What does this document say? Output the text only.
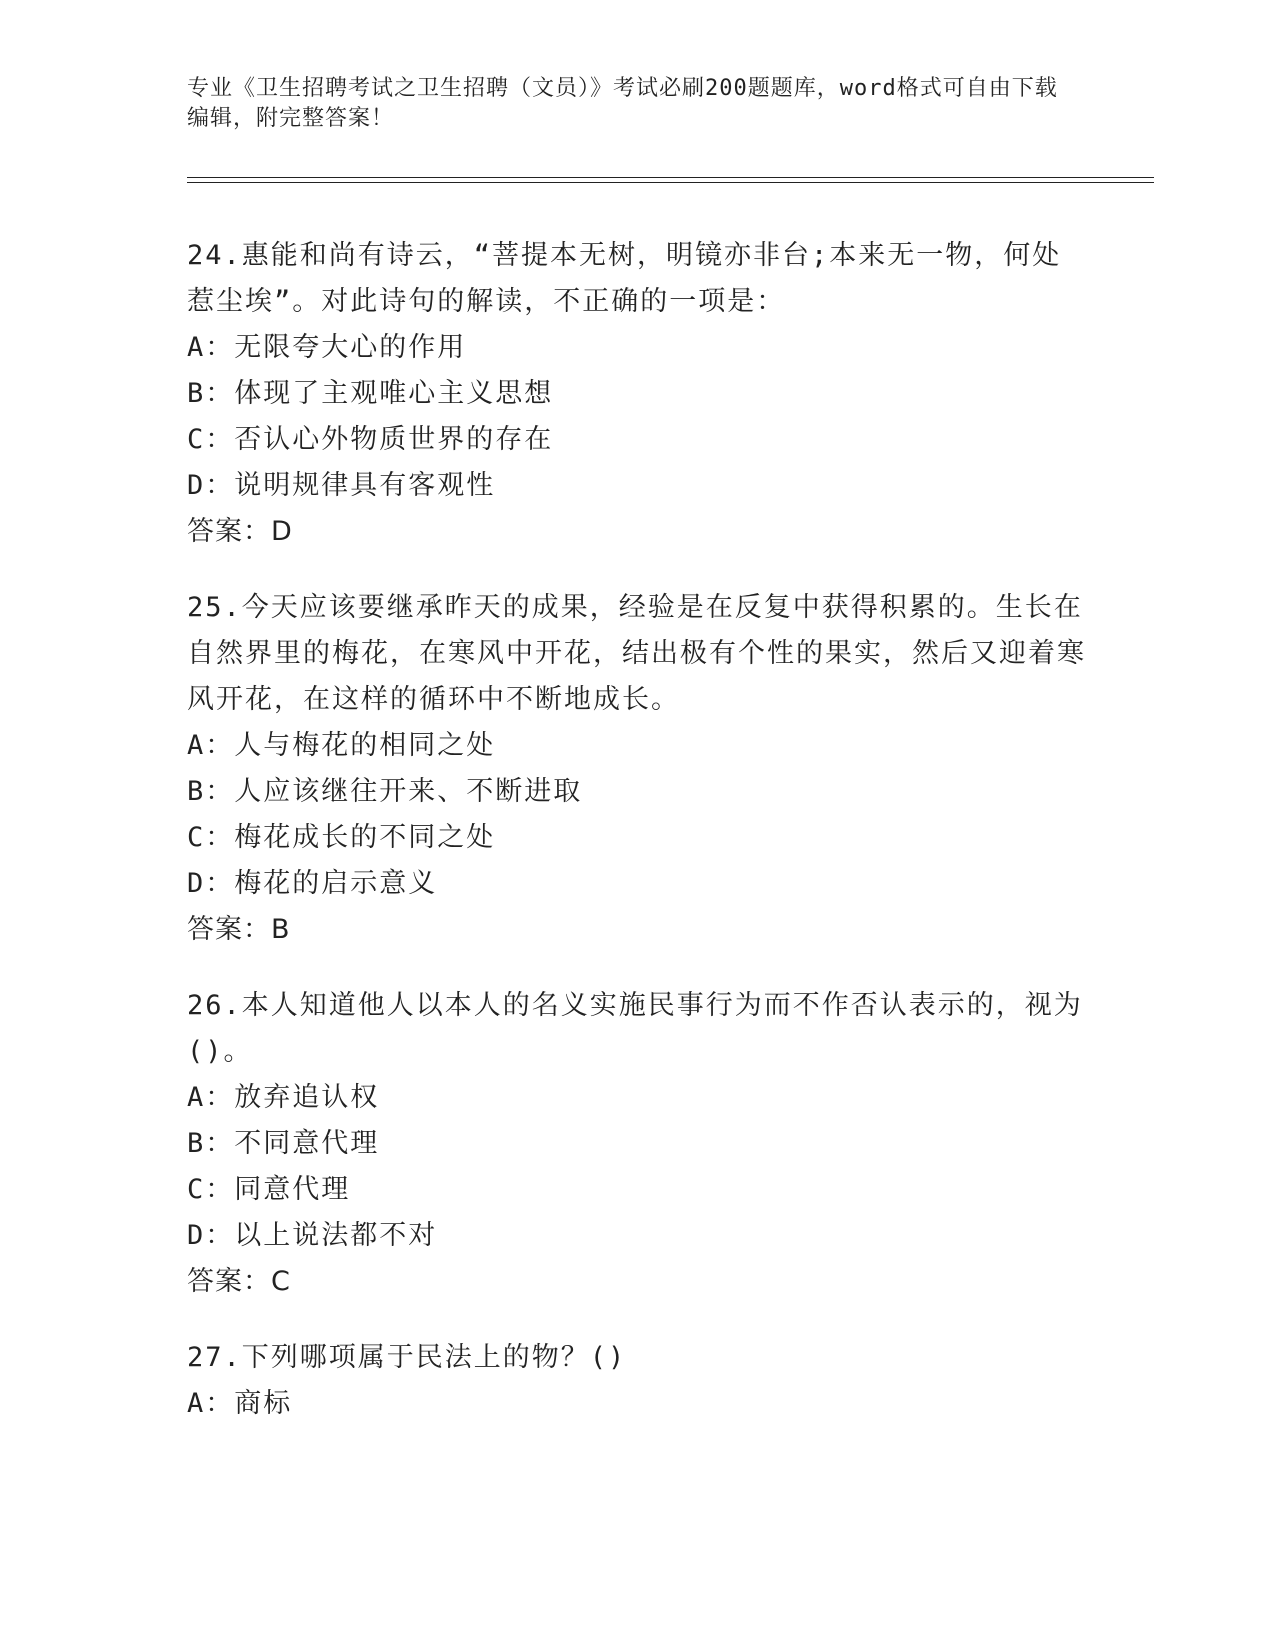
专业《卫生招聘考试之卫生招聘（文员）》考试必刷200题题库，word格式可自由下载编辑，附完整答案！

24.惠能和尚有诗云，“菩提本无树，明镜亦非台;本来无一物，何处惹尘埃”。对此诗句的解读，不正确的一项是：

A：无限夸大心的作用

B：体现了主观唯心主义思想

C：否认心外物质世界的存在

D：说明规律具有客观性

答案：D

25.今天应该要继承昨天的成果，经验是在反复中获得积累的。生长在自然界里的梅花，在寒风中开花，结出极有个性的果实，然后又迎着寒风开花，在这样的循环中不断地成长。

A：人与梅花的相同之处

B：人应该继往开来、不断进取

C：梅花成长的不同之处

D：梅花的启示意义

答案：B

26.本人知道他人以本人的名义实施民事行为而不作否认表示的，视为()。

A：放弃追认权

B：不同意代理

C：同意代理

D：以上说法都不对

答案：C

27.下列哪项属于民法上的物？()

A：商标
